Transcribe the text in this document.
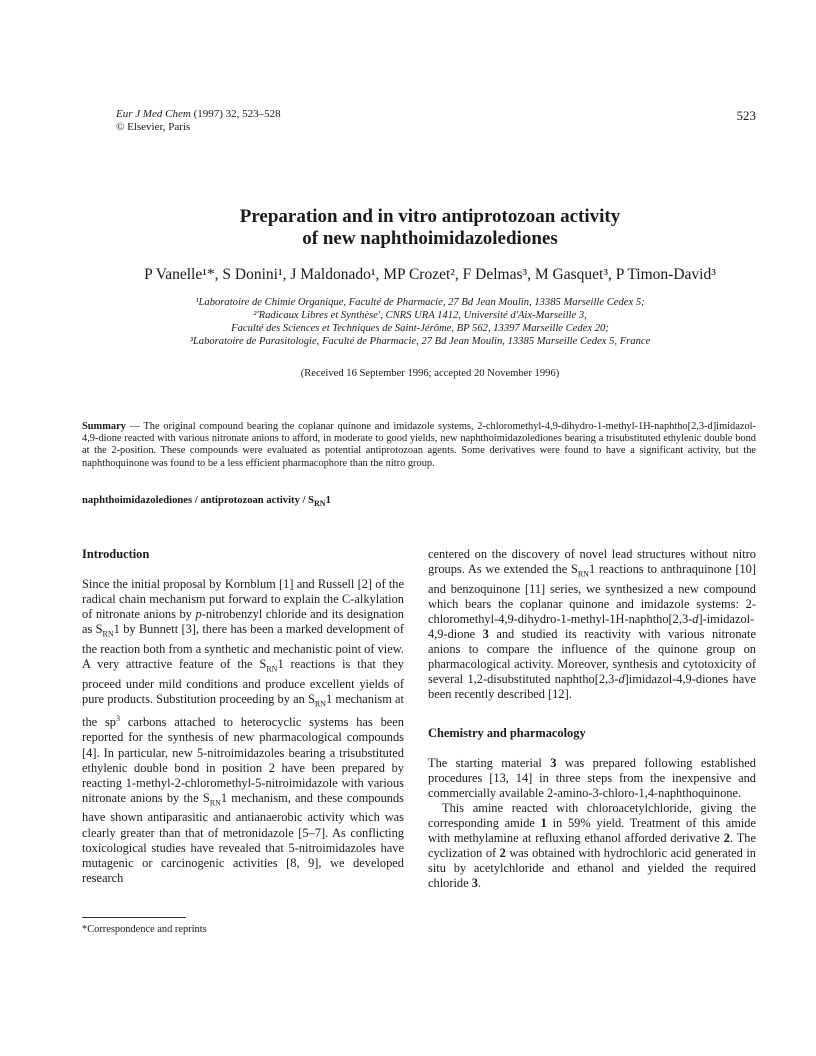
Eur J Med Chem (1997) 32, 523–528
© Elsevier, Paris
523
Preparation and in vitro antiprotozoan activity
of new naphthoimidazolediones
P Vanelle¹*, S Donini¹, J Maldonado¹, MP Crozet², F Delmas³, M Gasquet³, P Timon-David³
¹Laboratoire de Chimie Organique, Faculté de Pharmacie, 27 Bd Jean Moulin, 13385 Marseille Cedex 5;
²'Radicaux Libres et Synthèse', CNRS URA 1412, Université d'Aix-Marseille 3,
Faculté des Sciences et Techniques de Saint-Jérôme, BP 562, 13397 Marseille Cedex 20;
³Laboratoire de Parasitologie, Faculté de Pharmacie, 27 Bd Jean Moulin, 13385 Marseille Cedex 5, France
(Received 16 September 1996; accepted 20 November 1996)
Summary — The original compound bearing the coplanar quinone and imidazole systems, 2-chloromethyl-4,9-dihydro-1-methyl-1H-naphtho[2,3-d]imidazol-4,9-dione reacted with various nitronate anions to afford, in moderate to good yields, new naphthoimidazolediones bearing a trisubstituted ethylenic double bond at the 2-position. These compounds were evaluated as potential antiprotozoan agents. Some derivatives were found to have a significant activity, but the naphthoquinone was found to be a less efficient pharmacophore than the nitro group.
naphthoimidazolediones / antiprotozoan activity / $S_{RN}1$
Introduction

Since the initial proposal by Kornblum [1] and Russell [2] of the radical chain mechanism put forward to explain the C-alkylation of nitronate anions by p-nitrobenzyl chloride and its designation as $S_{RN}1$ by Bunnett [3], there has been a marked development of the reaction both from a synthetic and mechanistic point of view. A very attractive feature of the $S_{RN}1$ reactions is that they proceed under mild conditions and produce excellent yields of pure products. Substitution proceeding by an $S_{RN}1$ mechanism at the $sp^3$ carbons attached to heterocyclic systems has been reported for the synthesis of new pharmacological compounds [4]. In particular, new 5-nitroimidazoles bearing a trisubstituted ethylenic double bond in position 2 have been prepared by reacting 1-methyl-2-chloromethyl-5-nitroimidazole with various nitronate anions by the $S_{RN}1$ mechanism, and these compounds have shown antiparasitic and antianaerobic activity which was clearly greater than that of metronidazole [5–7]. As conflicting toxicological studies have revealed that 5-nitroimidazoles have mutagenic or carcinogenic activities [8, 9], we developed research

centered on the discovery of novel lead structures without nitro groups. As we extended the $S_{RN}1$ reactions to anthraquinone [10] and benzoquinone [11] series, we synthesized a new compound which bears the coplanar quinone and imidazole systems: 2-chloromethyl-4,9-dihydro-1-methyl-1H-naphtho[2,3-d]-imidazol-4,9-dione 3 and studied its reactivity with various nitronate anions to compare the influence of the quinone group on pharmacological activity. Moreover, synthesis and cytotoxicity of several 1,2-disubstituted naphtho[2,3-d]imidazol-4,9-diones have been recently described [12].

Chemistry and pharmacology

The starting material 3 was prepared following established procedures [13, 14] in three steps from the inexpensive and commercially available 2-amino-3-chloro-1,4-naphthoquinone.

This amine reacted with chloroacetylchloride, giving the corresponding amide 1 in 59% yield. Treatment of this amide with methylamine at refluxing ethanol afforded derivative 2. The cyclization of 2 was obtained with hydrochloric acid generated in situ by acetylchloride and ethanol and yielded the required chloride 3.

*Correspondence and reprints
